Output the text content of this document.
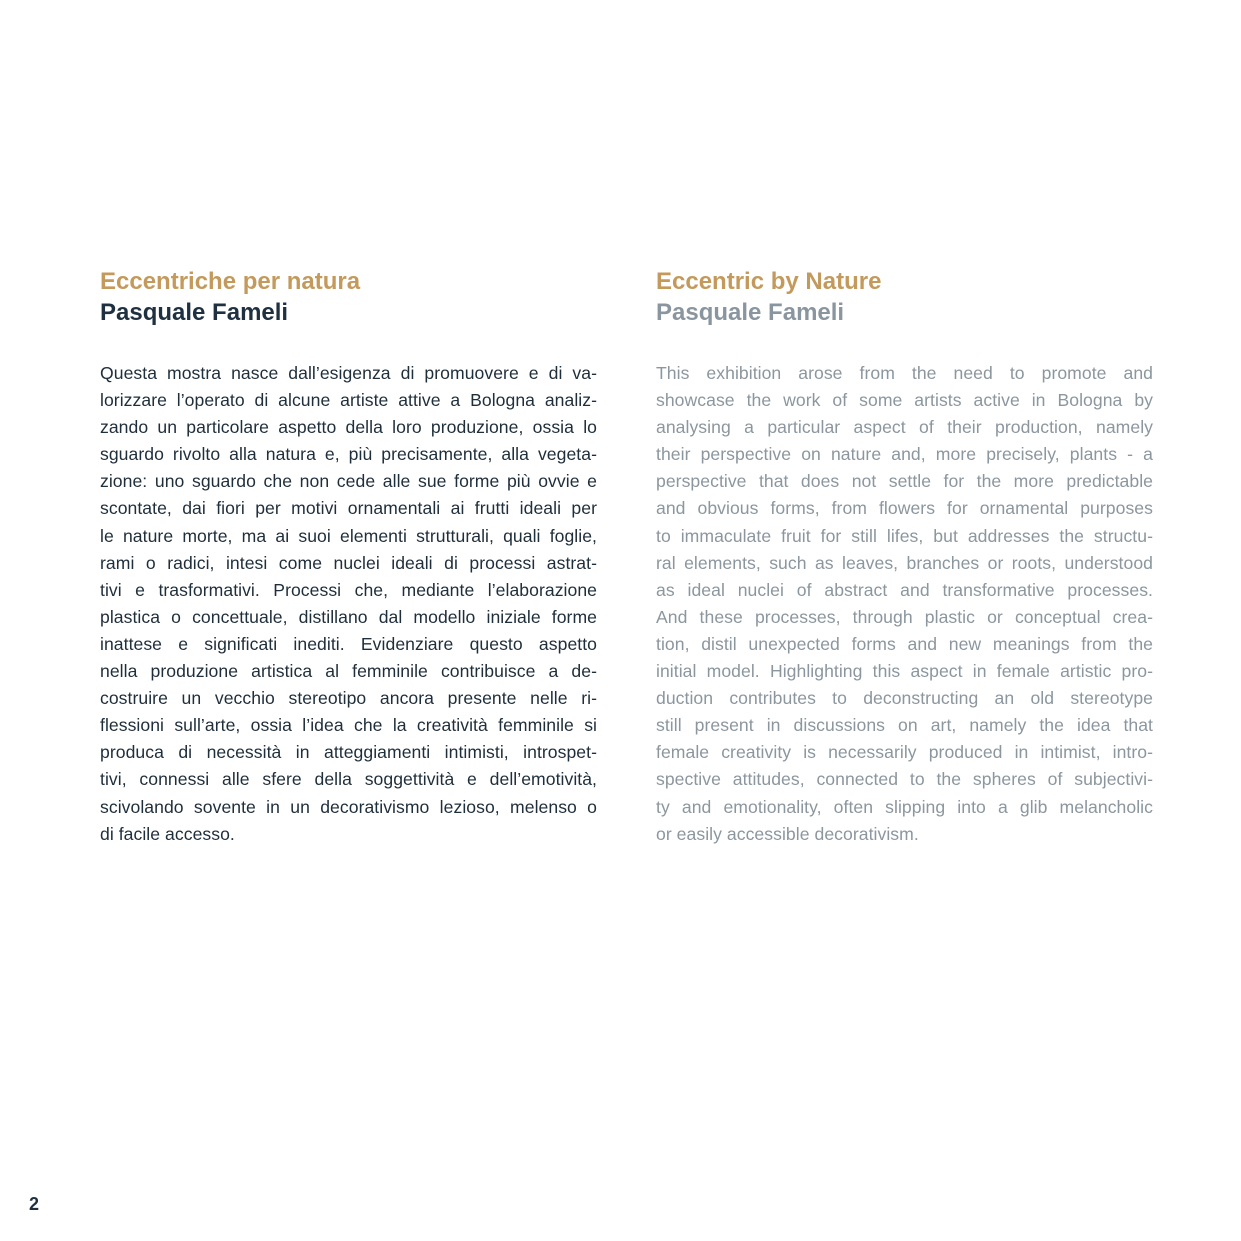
Eccentriche per natura
Pasquale Fameli

Questa mostra nasce dall’esigenza di promuovere e di va-
lorizzare l’operato di alcune artiste attive a Bologna analiz-
zando un particolare aspetto della loro produzione, ossia lo
sguardo rivolto alla natura e, più precisamente, alla vegeta-
zione: uno sguardo che non cede alle sue forme più ovvie e
scontate, dai fiori per motivi ornamentali ai frutti ideali per
le nature morte, ma ai suoi elementi strutturali, quali foglie,
rami o radici, intesi come nuclei ideali di processi astrat-
tivi e trasformativi. Processi che, mediante l’elaborazione
plastica o concettuale, distillano dal modello iniziale forme
inattese e significati inediti. Evidenziare questo aspetto
nella produzione artistica al femminile contribuisce a de-
costruire un vecchio stereotipo ancora presente nelle ri-
flessioni sull’arte, ossia l’idea che la creatività femminile si
produca di necessità in atteggiamenti intimisti, introspet-
tivi, connessi alle sfere della soggettività e dell’emotività,
scivolando sovente in un decorativismo lezioso, melenso o
di facile accesso.

Eccentric by Nature
Pasquale Fameli

This exhibition arose from the need to promote and
showcase the work of some artists active in Bologna by
analysing a particular aspect of their production, namely
their perspective on nature and, more precisely, plants - a
perspective that does not settle for the more predictable
and obvious forms, from flowers for ornamental purposes
to immaculate fruit for still lifes, but addresses the structu-
ral elements, such as leaves, branches or roots, understood
as ideal nuclei of abstract and transformative processes.
And these processes, through plastic or conceptual crea-
tion, distil unexpected forms and new meanings from the
initial model. Highlighting this aspect in female artistic pro-
duction contributes to deconstructing an old stereotype
still present in discussions on art, namely the idea that
female creativity is necessarily produced in intimist, intro-
spective attitudes, connected to the spheres of subjectivi-
ty and emotionality, often slipping into a glib melancholic
or easily accessible decorativism.

2
